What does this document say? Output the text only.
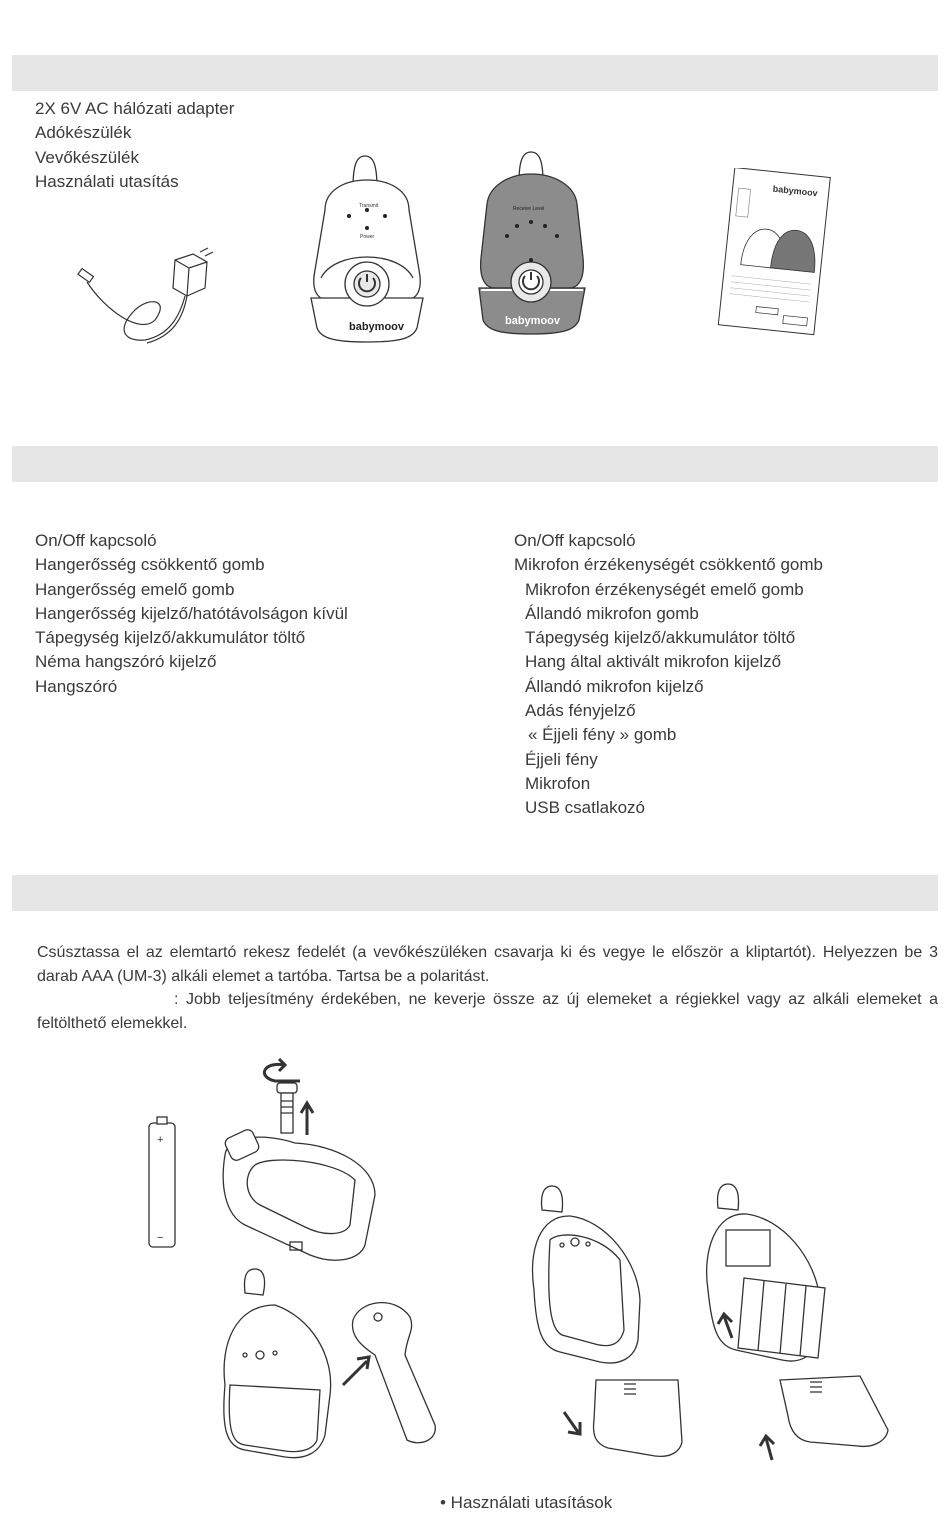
2X 6V AC hálózati adapter
Adókészülék
Vevőkészülék
Használati utasítás
Transmit
Power
babymoov
Receive Level
babymoov
babymoov
On/Off kapcsoló
Hangerősség csökkentő gomb
Hangerősség emelő gomb
Hangerősség kijelző/hatótávolságon kívül
Tápegység kijelző/akkumulátor töltő
Néma hangszóró kijelző
Hangszóró
On/Off kapcsoló
Mikrofon érzékenységét csökkentő gomb
Mikrofon érzékenységét emelő gomb
Állandó mikrofon gomb
Tápegység kijelző/akkumulátor töltő
Hang által aktivált mikrofon kijelző
Állandó mikrofon kijelző
Adás fényjelző
« Éjjeli fény » gomb
Éjjeli fény
Mikrofon
USB csatlakozó

Csúsztassa el az elemtartó rekesz fedelét (a vevőkészüléken csavarja ki és vegye le először a kliptartót). Helyezzen be 3 darab AAA (UM-3) alkáli elemet a tartóba. Tartsa be a polaritást.

: Jobb teljesítmény érdekében, ne keverje össze az új elemeket a régiekkel vagy az alkáli elemeket a feltölthető elemekkel.

+
−
• Használati utasítások
